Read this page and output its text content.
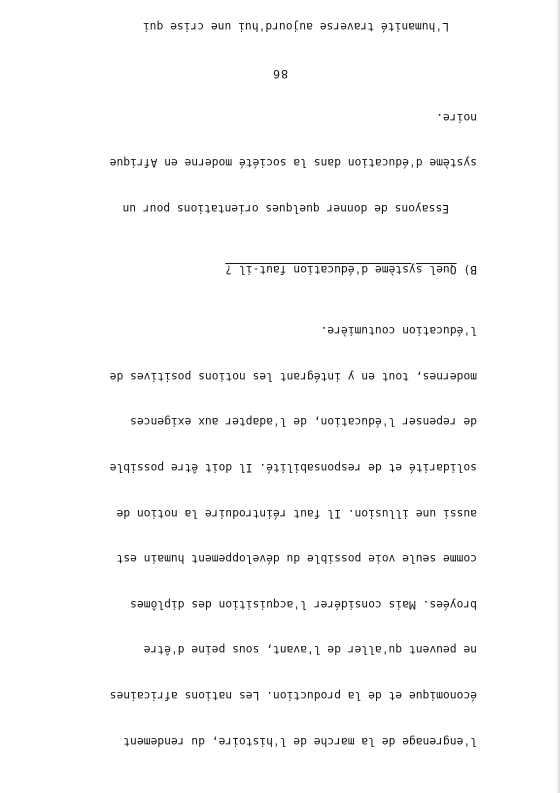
l'engrenage de la marche de l'histoire, du rendement

économique et de la production. Les nations africaines

ne peuvent qu'aller de l'avant, sous peine d'être

broyées. Mais considérer l'acquisition des diplômes

comme seule voie possible du développement humain est

aussi une illusion. Il faut réintroduire la notion de

solidarité et de responsabilité. Il doit être possible

de repenser l'éducation, de l'adapter aux exigences

modernes, tout en y intégrant les notions positives de

l'éducation coutumière.

B) Quel système d'éducation faut-il ?

Essayons de donner quelques orientations pour un

système d'éducation dans la société moderne en Afrique

noire.

L'humanité traverse aujourd'hui une crise qui

86
